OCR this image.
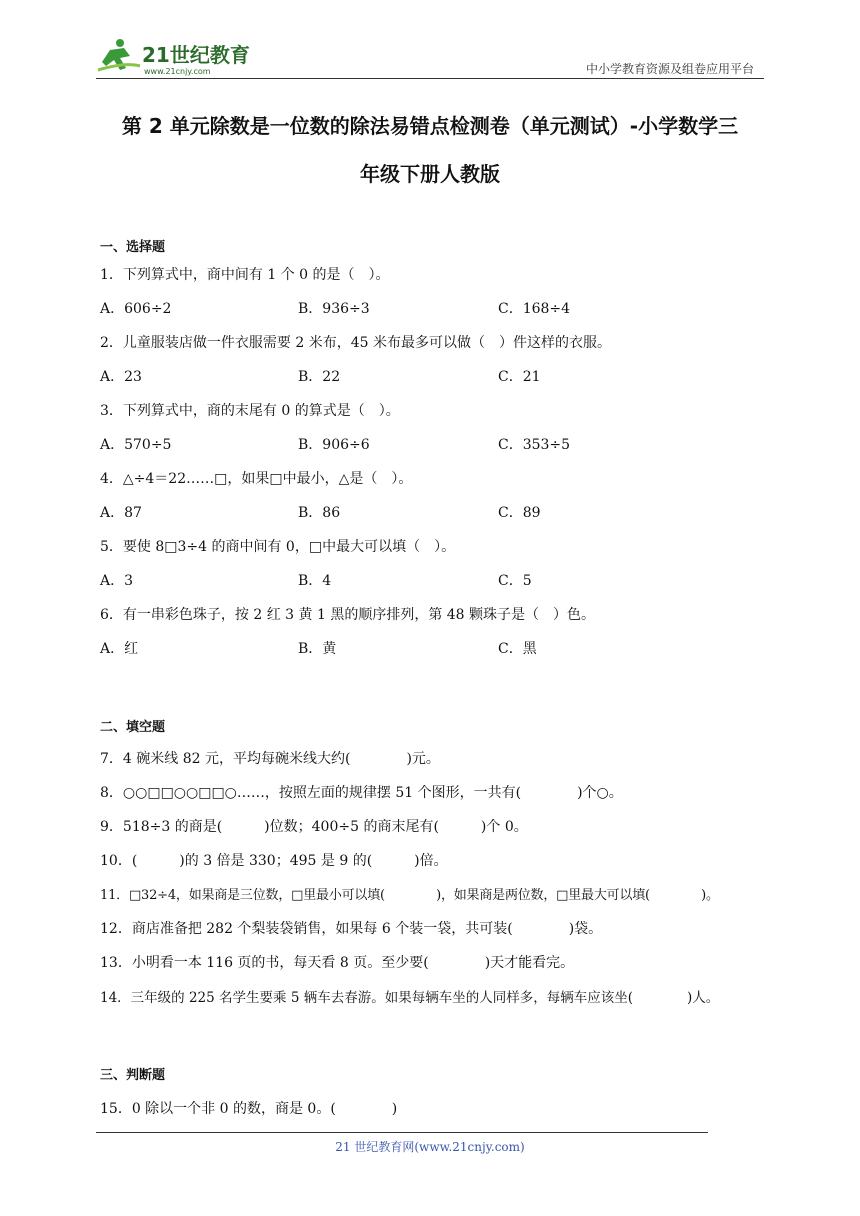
21世纪教育
www.21cnjy.com	中小学教育资源及组卷应用平台
第 2 单元除数是一位数的除法易错点检测卷（单元测试）-小学数学三
年级下册人教版
一、选择题
1．下列算式中，商中间有 1 个 0 的是（　）。
A．606÷2	B．936÷3	C．168÷4
2．儿童服装店做一件衣服需要 2 米布，45 米布最多可以做（　）件这样的衣服。
A．23	B．22	C．21
3．下列算式中，商的末尾有 0 的算式是（　）。
A．570÷5	B．906÷6	C．353÷5
4．△÷4＝22……□，如果□中最小，△是（　）。
A．87	B．86	C．89
5．要使 8□3÷4 的商中间有 0，□中最大可以填（　）。
A．3	B．4	C．5
6．有一串彩色珠子，按 2 红 3 黄 1 黑的顺序排列，第 48 颗珠子是（　）色。
A．红	B．黄	C．黑
二、填空题
7．4 碗米线 82 元，平均每碗米线大约(　　　　)元。
8．○○□□○○□□○……，按照左面的规律摆 51 个图形，一共有(　　　　)个○。
9．518÷3 的商是(　　　)位数；400÷5 的商末尾有(　　　)个 0。
10．(　　　)的 3 倍是 330；495 是 9 的(　　　)倍。
11．□32÷4，如果商是三位数，□里最小可以填(　　　　)，如果商是两位数，□里最大可以填(　　　　)。
12．商店准备把 282 个梨装袋销售，如果每 6 个装一袋，共可装(　　　　)袋。
13．小明看一本 116 页的书，每天看 8 页。至少要(　　　　)天才能看完。
14．三年级的 225 名学生要乘 5 辆车去春游。如果每辆车坐的人同样多，每辆车应该坐(　　　　)人。
三、判断题
15．0 除以一个非 0 的数，商是 0。(　　　　)
21 世纪教育网(www.21cnjy.com)
